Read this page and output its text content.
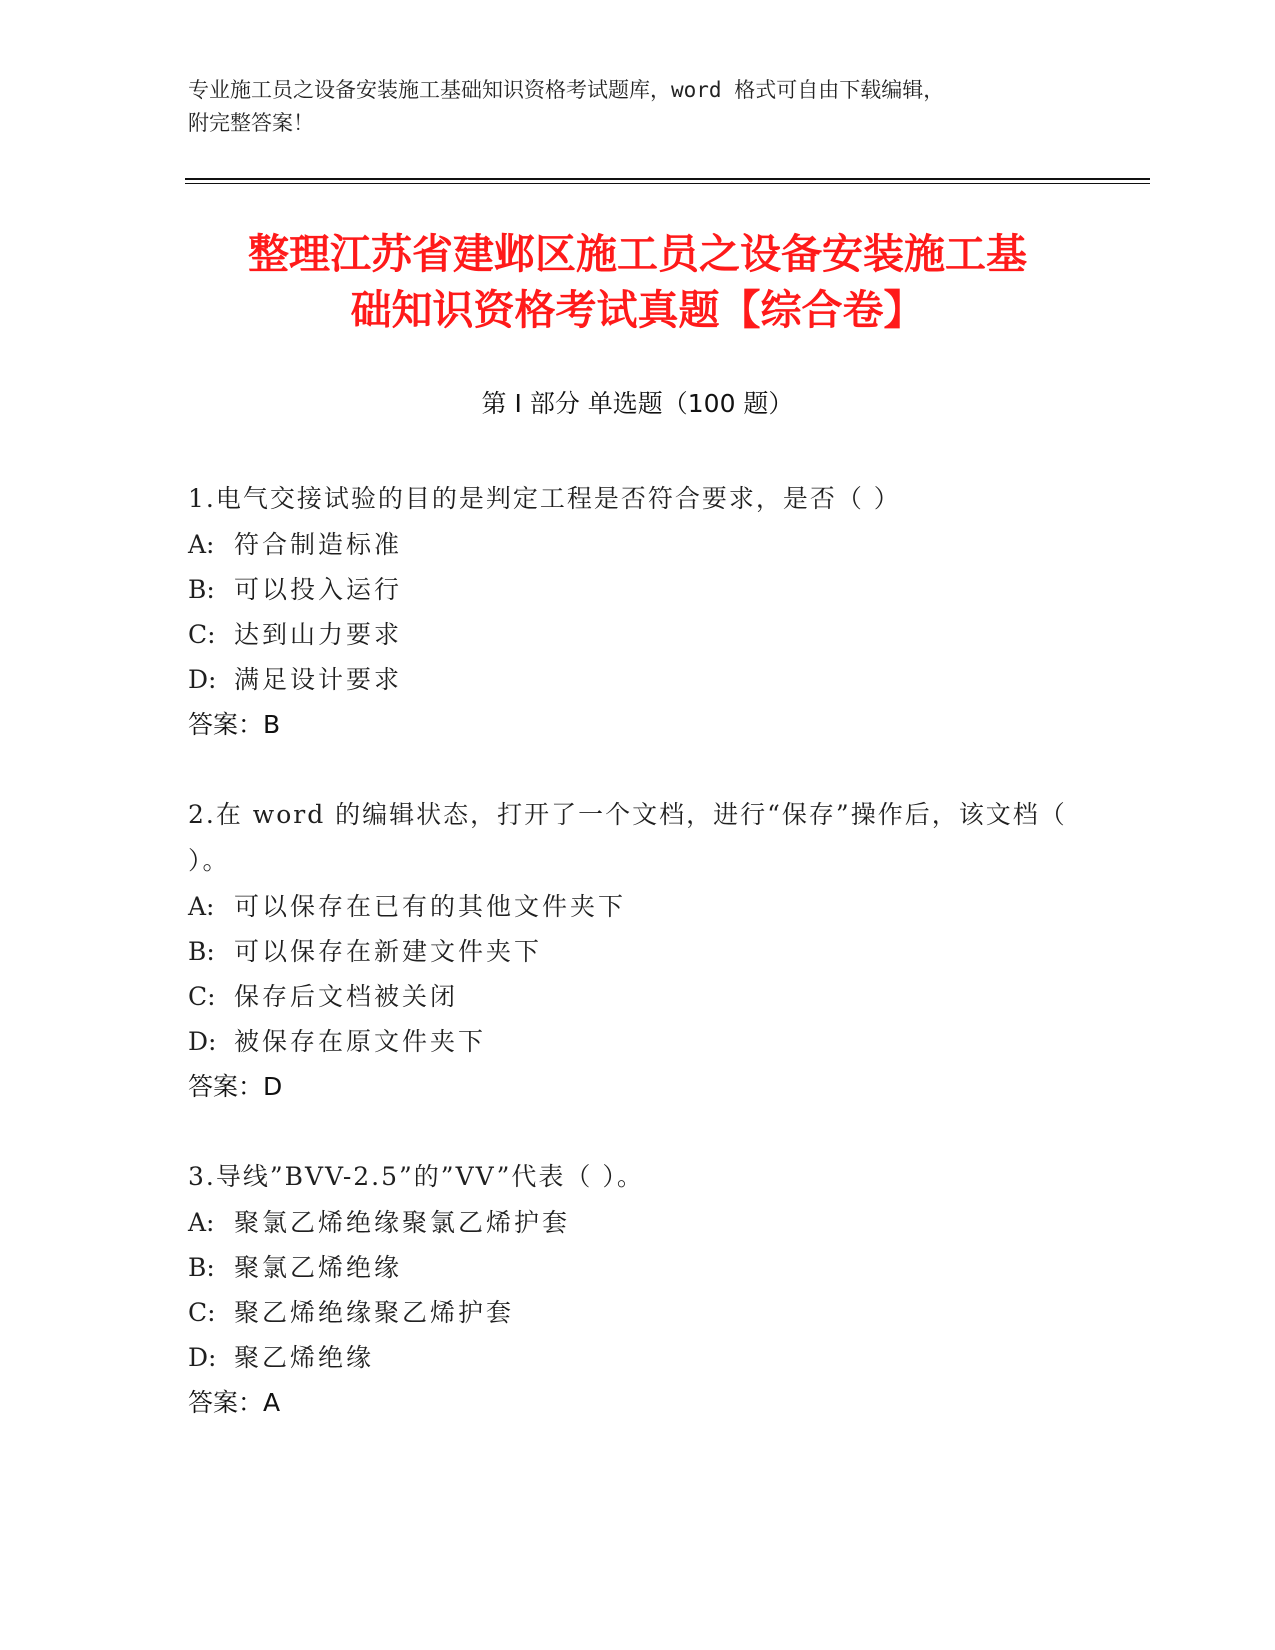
专业施工员之设备安装施工基础知识资格考试题库，word 格式可自由下载编辑，
附完整答案！
整理江苏省建邺区施工员之设备安装施工基
础知识资格考试真题【综合卷】
第 I 部分 单选题（100 题）
1.电气交接试验的目的是判定工程是否符合要求，是否（ ）
A: 符合制造标准
B: 可以投入运行
C: 达到山力要求
D: 满足设计要求
答案：B
2.在 word 的编辑状态，打开了一个文档，进行“保存”操作后，该文档（ ）。
A: 可以保存在已有的其他文件夹下
B: 可以保存在新建文件夹下
C: 保存后文档被关闭
D: 被保存在原文件夹下
答案：D
3.导线”BVV-2.5”的”VV”代表（ ）。
A: 聚氯乙烯绝缘聚氯乙烯护套
B: 聚氯乙烯绝缘
C: 聚乙烯绝缘聚乙烯护套
D: 聚乙烯绝缘
答案：A
